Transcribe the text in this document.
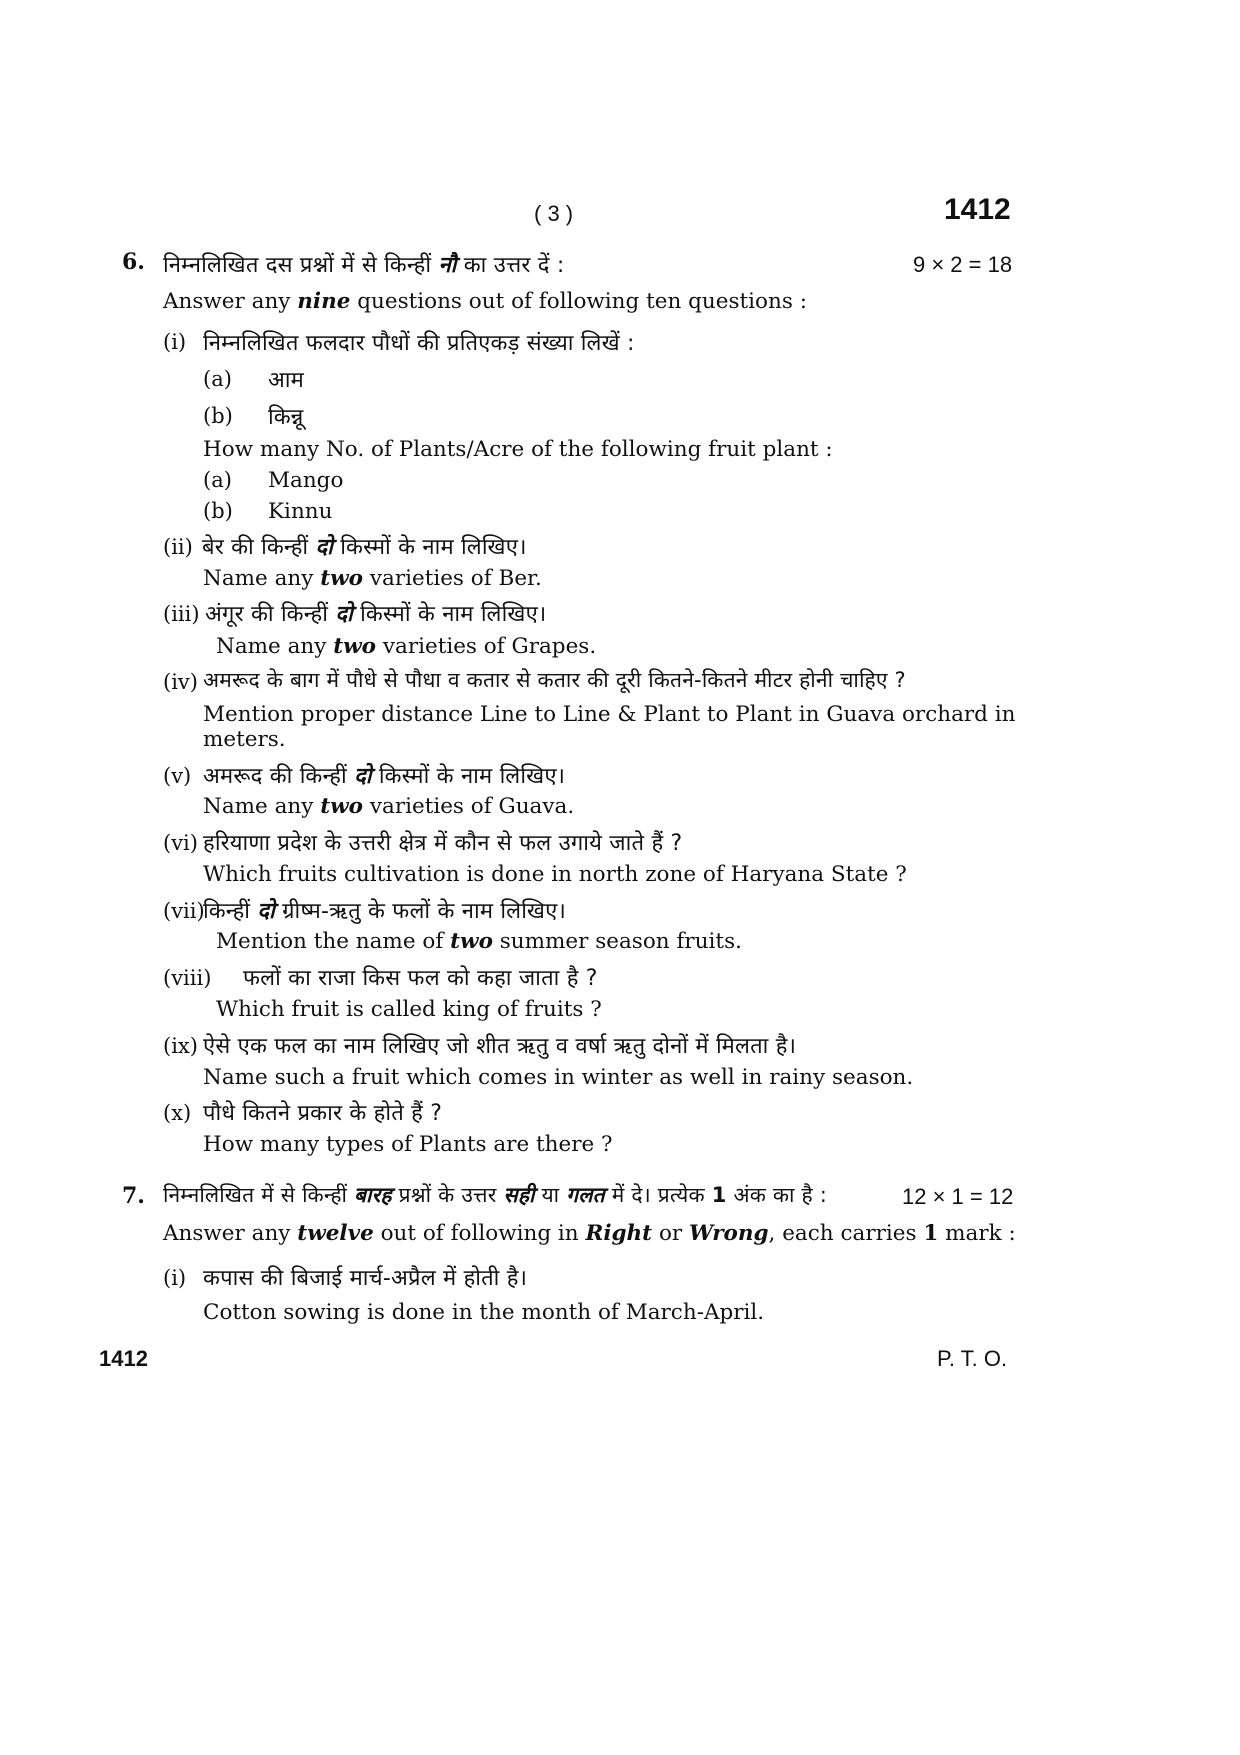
( 3 )	1412
6. निम्नलिखित दस प्रश्नों में से किन्हीं नौ का उत्तर दें :	9 × 2 = 18
Answer any nine questions out of following ten questions :
(i) निम्नलिखित फलदार पौधों की प्रतिएकड़ संख्या लिखें :
(a) आम
(b) किन्नू
How many No. of Plants/Acre of the following fruit plant :
(a) Mango
(b) Kinnu
(ii) बेर की किन्हीं दो किस्मों के नाम लिखिए।
Name any two varieties of Ber.
(iii) अंगूर की किन्हीं दो किस्मों के नाम लिखिए।
Name any two varieties of Grapes.
(iv) अमरूद के बाग में पौधे से पौधा व कतार से कतार की दूरी कितने-कितने मीटर होनी चाहिए ?
Mention proper distance Line to Line & Plant to Plant in Guava orchard in
meters.
(v) अमरूद की किन्हीं दो किस्मों के नाम लिखिए।
Name any two varieties of Guava.
(vi) हरियाणा प्रदेश के उत्तरी क्षेत्र में कौन से फल उगाये जाते हैं ?
Which fruits cultivation is done in north zone of Haryana State ?
(vii)
किन्हीं दो ग्रीष्म-ऋतु के फलों के नाम लिखिए।
Mention the name of two summer season fruits.
(viii) फलों का राजा किस फल को कहा जाता है ?
Which fruit is called king of fruits ?
(ix) ऐसे एक फल का नाम लिखिए जो शीत ऋतु व वर्षा ऋतु दोनों में मिलता है।
Name such a fruit which comes in winter as well in rainy season.
(x) पौधे कितने प्रकार के होते हैं ?
How many types of Plants are there ?
7. निम्नलिखित में से किन्हीं बारह प्रश्नों के उत्तर सही या गलत में दे। प्रत्येक 1 अंक का है :	12 × 1 = 12
Answer any twelve out of following in Right or Wrong, each carries 1 mark :
(i) कपास की बिजाई मार्च-अप्रैल में होती है।
Cotton sowing is done in the month of March-April.
1412	P. T. O.
